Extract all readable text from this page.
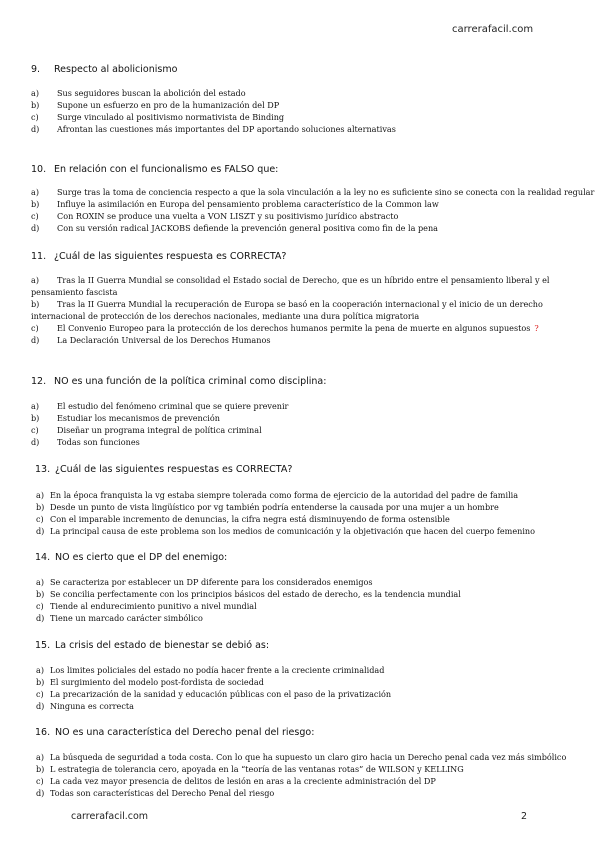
carrerafacil.com
9. Respecto al abolicionismo
a)	Sus seguidores buscan la abolición del estado
b)	Supone un esfuerzo en pro de la humanización del DP
c)	Surge vinculado al positivismo normativista de Binding
d)	Afrontan las cuestiones más importantes del DP aportando soluciones alternativas
10. En relación con el funcionalismo es FALSO que:
a)	Surge tras la toma de conciencia respecto a que la sola vinculación a la ley no es suficiente sino se conecta con la realidad regular
b)	Influye la asimilación en Europa del pensamiento problema característico de la Common law
c)	Con ROXIN se produce una vuelta a VON LISZT y su positivismo jurídico abstracto
d)	Con su versión radical JACKOBS defiende la prevención general positiva como fin de la pena
11. ¿Cuál de las siguientes respuesta es CORRECTA?
a) Tras la II Guerra Mundial se consolidad el Estado social de Derecho, que es un híbrido entre el pensamiento liberal y el pensamiento fascista
b) Tras la II Guerra Mundial la recuperación de Europa se basó en la cooperación internacional y el inicio de un derecho internacional de protección de los derechos nacionales, mediante una dura política migratoria
c) El Convenio Europeo para la protección de los derechos humanos permite la pena de muerte en algunos supuestos ?
d) La Declaración Universal de los Derechos Humanos
12. NO es una función de la política criminal como disciplina:
a)	El estudio del fenómeno criminal que se quiere prevenir
b)	Estudiar los mecanismos de prevención
c)	Diseñar un programa integral de política criminal
d)	Todas son funciones
13. ¿Cuál de las siguientes respuestas es CORRECTA?
a) En la época franquista la vg estaba siempre tolerada como forma de ejercicio de la autoridad del padre de familia
b) Desde un punto de vista lingüístico por vg también podría entenderse la causada por una mujer a un hombre
c) Con el imparable incremento de denuncias, la cifra negra está disminuyendo de forma ostensible
d) La principal causa de este problema son los medios de comunicación y la objetivación que hacen del cuerpo femenino
14. NO es cierto que el DP del enemigo:
a) Se caracteriza por establecer un DP diferente para los considerados enemigos
b) Se concilia perfectamente con los principios básicos del estado de derecho, es la tendencia mundial
c) Tiende al endurecimiento punitivo a nivel mundial
d) Tiene un marcado carácter simbólico
15. La crisis del estado de bienestar se debió as:
a) Los limites policiales del estado no podía hacer frente a la creciente criminalidad
b) El surgimiento del modelo post-fordista de sociedad
c) La precarización de la sanidad y educación públicas con el paso de la privatización
d) Ninguna es correcta
16. NO es una característica del Derecho penal del riesgo:
a) La búsqueda de seguridad a toda costa. Con lo que ha supuesto un claro giro hacia un Derecho penal cada vez más simbólico
b) L estrategia de tolerancia cero, apoyada en la “teoría de las ventanas rotas” de WILSON y KELLING
c) La cada vez mayor presencia de delitos de lesión en aras a la creciente administración del DP
d) Todas son características del Derecho Penal del riesgo
carrerafacil.com	2
